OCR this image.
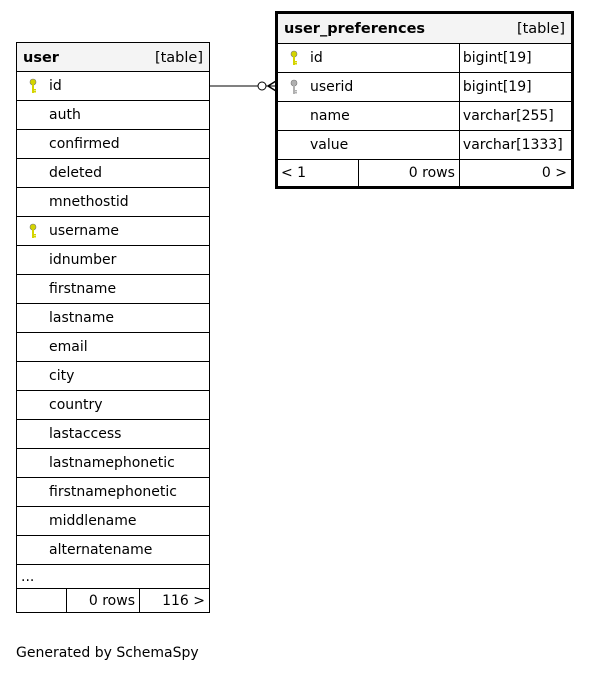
user	[table]
id
auth
confirmed
deleted
mnethostid
username
idnumber
firstname
lastname
email
city
country
lastaccess
lastnamephonetic
firstnamephonetic
middlename
alternatename
...
0 rows	116 >
user_preferences	[table]
id	bigint[19]
userid	bigint[19]
name	varchar[255]
value	varchar[1333]
< 1	0 rows	0 >
Generated by SchemaSpy
